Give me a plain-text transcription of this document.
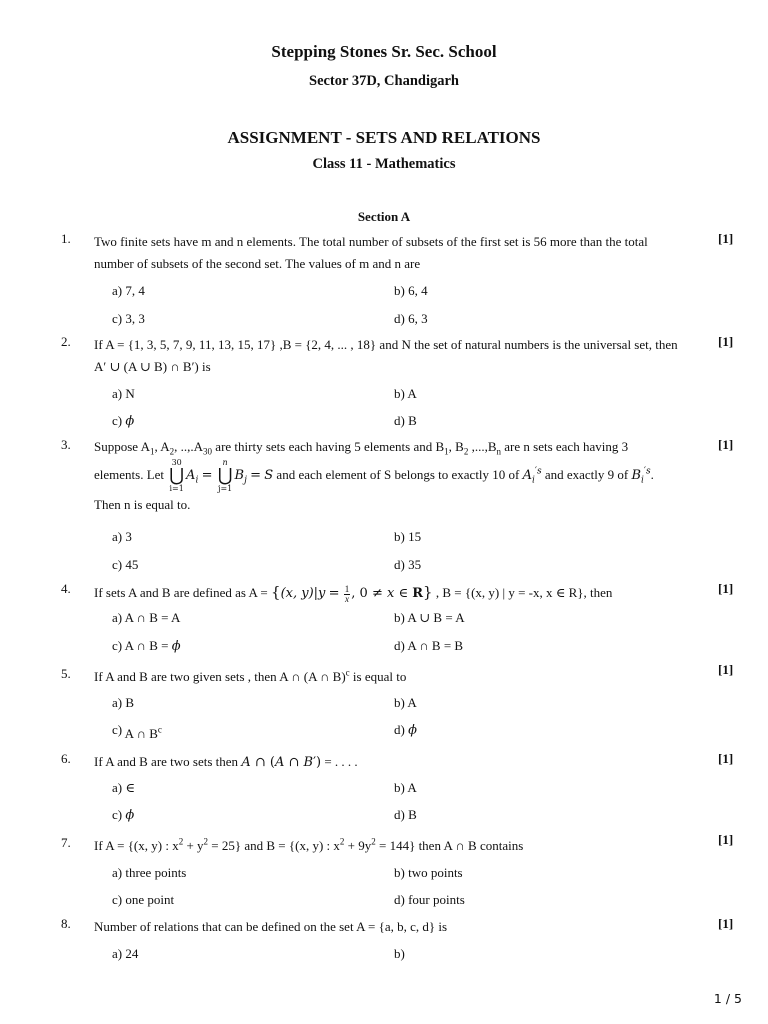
Stepping Stones Sr. Sec. School
Sector 37D, Chandigarh
ASSIGNMENT - SETS AND RELATIONS
Class 11 - Mathematics
Section A
1. Two finite sets have m and n elements. The total number of subsets of the first set is 56 more than the total
number of subsets of the second set. The values of m and n are
[1]
a) 7, 4	b) 6, 4
c) 3, 3	d) 6, 3
2. If A = {1, 3, 5, 7, 9, 11, 13, 15, 17} ,B = {2, 4, ... , 18} and N the set of natural numbers is the universal set, then
A′ ∪ (A ∪ B) ∩ B′) is
[1]
a) N	b) A
c) ϕ	d) B
3. Suppose $A_1$, $A_2$, $..,.A_{30}$ are thirty sets each having 5 elements and $B_1$, $B_2$ $,...,B_n$ are n sets each having 3
elements. Let
30
⋃
i=1
$A_i$ =
n
⋃
j=1
$B_j = S$ and each element of S belongs to exactly 10 of $A_i^{'s}$ and exactly 9 of $B_i^{'s}$.
Then n is equal to.
[1]
a) 3	b) 15
c) 45	d) 35
4. If sets A and B are defined as A = {(x, $y)|y = \frac{1}{x}$ , 0 ≠ x ∈ R} , B = {(x, y) | y = -x, x ∈ R}, then	[1]
a) A ∩ B = A	b) A ∪ B = A
c) A ∩ B = ϕ	d) A ∩ B = B
5. If A and B are two given sets , then A ∩ (A ∩ B)$^c$ is equal to	[1]
a) B	b) A
c) A ∩ $B^c$	d) ϕ
6. If A and B are two sets then A ∩ (A ∩ B′) = . . . .	[1]
a) ∈	b) A
c) ϕ	d) B
7. If A = {(x, y) : $x^2 + y^2 = 25$} and B = {(x, y) : $x^2 + 9y^2 = 144$} then A ∩ B contains	[1]
a) three points	b) two points
c) one point	d) four points
8. Number of relations that can be defined on the set A = {a, b, c, d} is	[1]
a) 24	b)
1 / 5
